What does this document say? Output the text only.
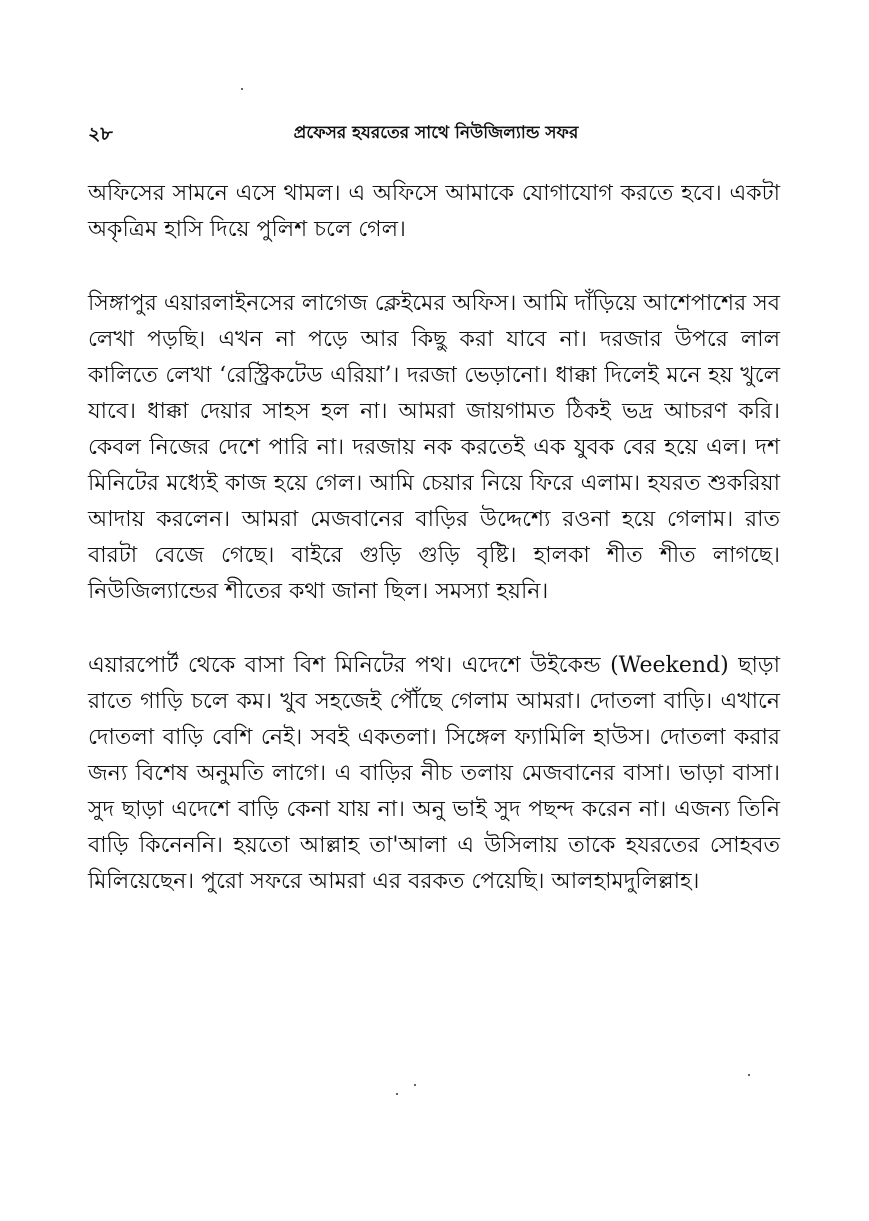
২৮	প্রফেসর হযরতের সাথে নিউজিল্যান্ড সফর

অফিসের সামনে এসে থামল। এ অফিসে আমাকে যোগাযোগ করতে হবে। একটা অকৃত্রিম হাসি দিয়ে পুলিশ চলে গেল।

সিঙ্গাপুর এয়ারলাইনসের লাগেজ ক্লেইমের অফিস। আমি দাঁড়িয়ে আশেপাশের সব লেখা পড়ছি। এখন না পড়ে আর কিছু করা যাবে না। দরজার উপরে লাল কালিতে লেখা ‘রেস্ট্রিকটেড এরিয়া’। দরজা ভেড়ানো। ধাক্কা দিলেই মনে হয় খুলে যাবে। ধাক্কা দেয়ার সাহস হল না। আমরা জায়গামত ঠিকই ভদ্র আচরণ করি। কেবল নিজের দেশে পারি না। দরজায় নক করতেই এক যুবক বের হয়ে এল। দশ মিনিটের মধ্যেই কাজ হয়ে গেল। আমি চেয়ার নিয়ে ফিরে এলাম। হযরত শুকরিয়া আদায় করলেন। আমরা মেজবানের বাড়ির উদ্দেশ্যে রওনা হয়ে গেলাম। রাত বারটা বেজে গেছে। বাইরে গুড়ি গুড়ি বৃষ্টি। হালকা শীত শীত লাগছে। নিউজিল্যান্ডের শীতের কথা জানা ছিল। সমস্যা হয়নি।

এয়ারপোর্ট থেকে বাসা বিশ মিনিটের পথ। এদেশে উইকেন্ড (Weekend) ছাড়া রাতে গাড়ি চলে কম। খুব সহজেই পৌঁছে গেলাম আমরা। দোতলা বাড়ি। এখানে দোতলা বাড়ি বেশি নেই। সবই একতলা। সিঙ্গেল ফ্যামিলি হাউস। দোতলা করার জন্য বিশেষ অনুমতি লাগে। এ বাড়ির নীচ তলায় মেজবানের বাসা। ভাড়া বাসা। সুদ ছাড়া এদেশে বাড়ি কেনা যায় না। অনু ভাই সুদ পছন্দ করেন না। এজন্য তিনি বাড়ি কিনেননি। হয়তো আল্লাহ তা'আলা এ উসিলায় তাকে হযরতের সোহবত মিলিয়েছেন। পুরো সফরে আমরা এর বরকত পেয়েছি। আলহামদুলিল্লাহ।
